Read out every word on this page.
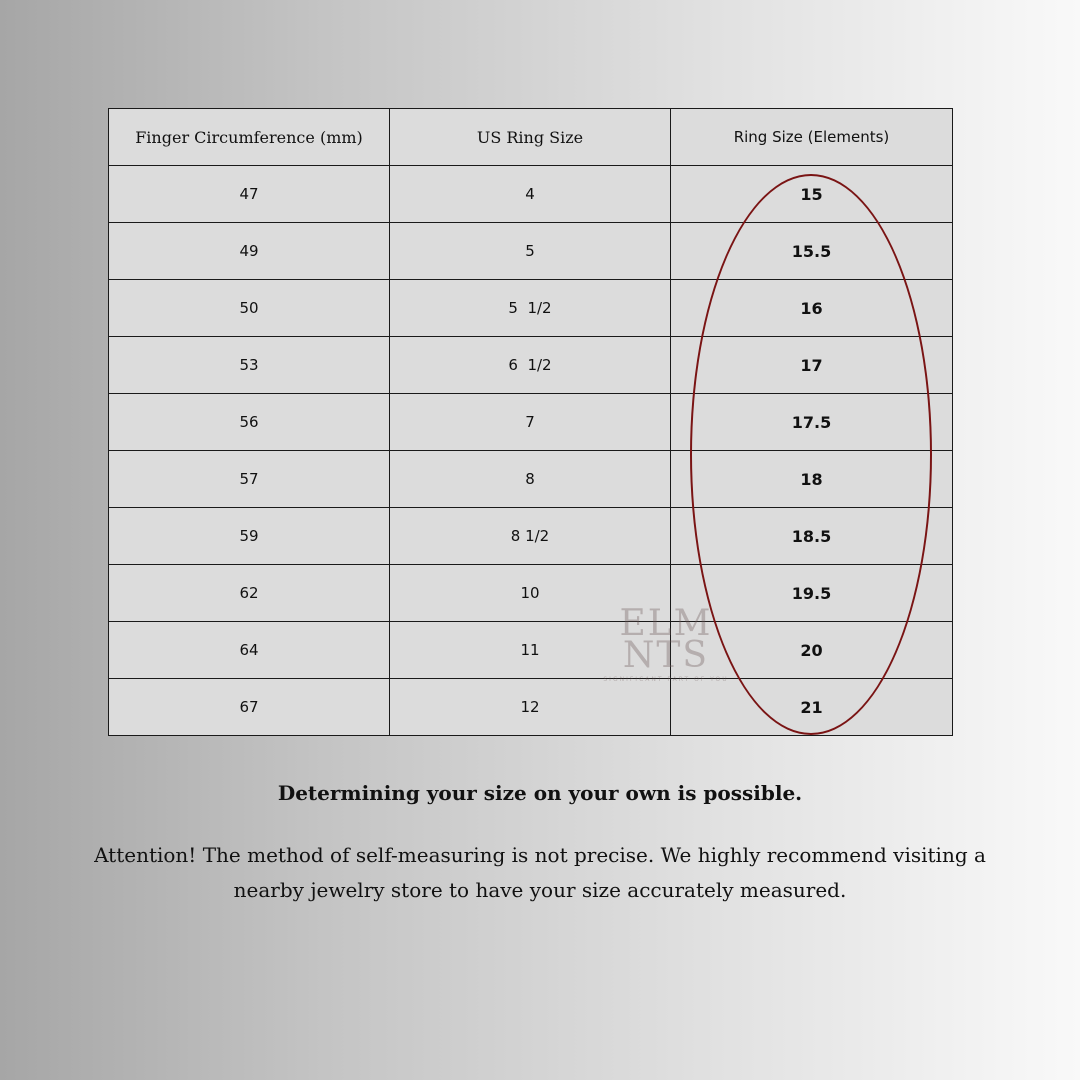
Finger Circumference (mm)	US Ring Size	Ring Size (Elements)
47	4	15
49	5	15.5
50	5  1/2	16
53	6  1/2	17
56	7	17.5
57	8	18
59	8 1/2	18.5
62	10	19.5
64	11	20
67	12	21
ELM
NTS
SIGNIFICANT PART OF YOU

Determining your size on your own is possible.

Attention! The method of self-measuring is not precise. We highly recommend visiting a nearby jewelry store to have your size accurately measured.
